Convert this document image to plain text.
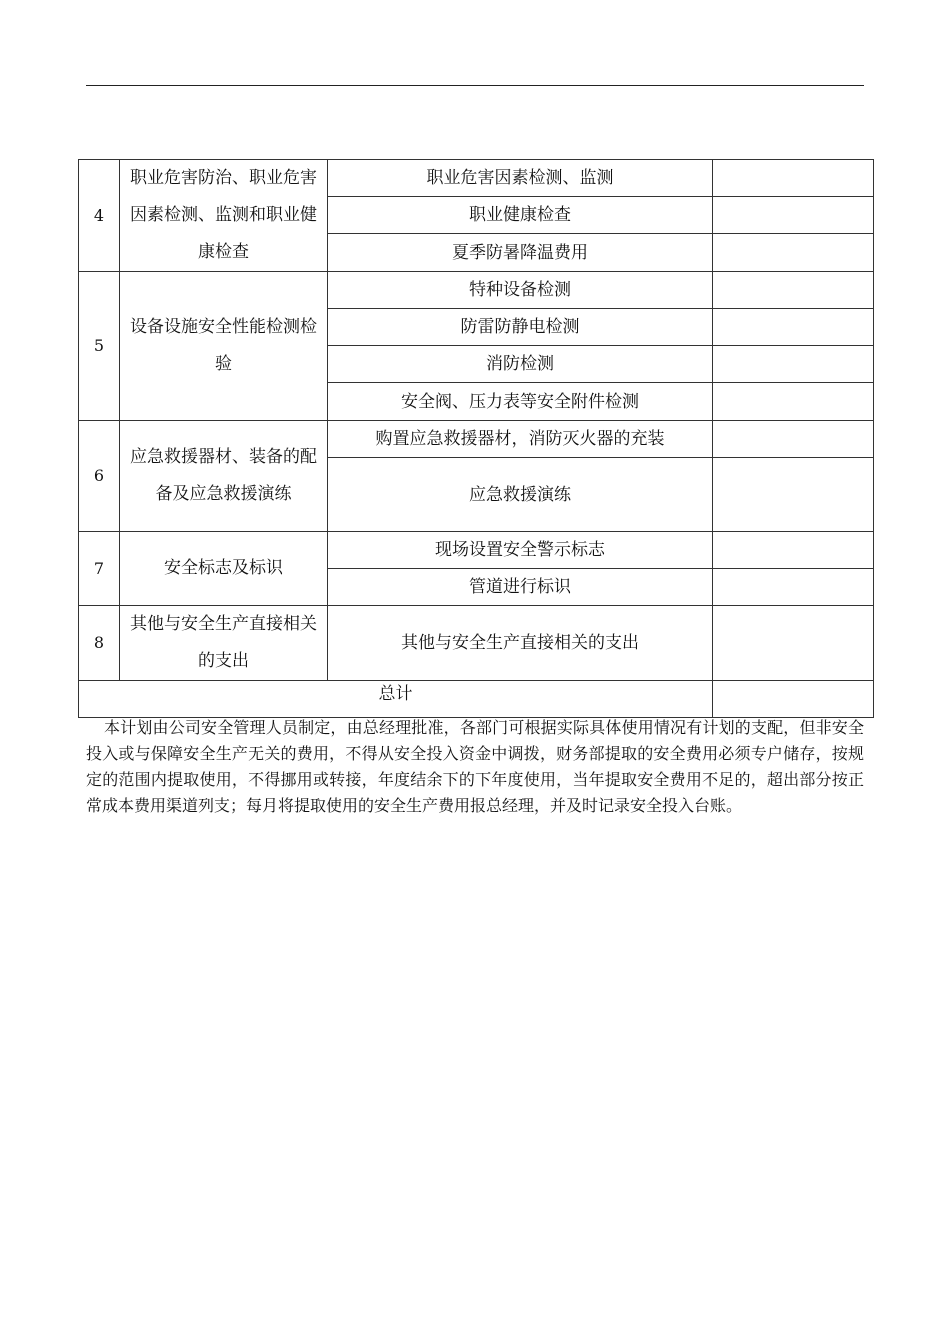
4	职业危害防治、职业危害因素检测、监测和职业健康检查	职业危害因素检测、监测	
		职业健康检查	
		夏季防暑降温费用	
5	设备设施安全性能检测检验	特种设备检测	
		防雷防静电检测	
		消防检测	
		安全阀、压力表等安全附件检测	
6	应急救援器材、装备的配备及应急救援演练	购置应急救援器材，消防灭火器的充装	
		应急救援演练	
7	安全标志及标识	现场设置安全警示标志	
		管道进行标识	
8	其他与安全生产直接相关的支出	其他与安全生产直接相关的支出	
总计			

本计划由公司安全管理人员制定，由总经理批准，各部门可根据实际具体使用情况有计划的支配，但非安全投入或与保障安全生产无关的费用，不得从安全投入资金中调拨，财务部提取的安全费用必须专户储存，按规定的范围内提取使用，不得挪用或转接，年度结余下的下年度使用，当年提取安全费用不足的，超出部分按正常成本费用渠道列支；每月将提取使用的安全生产费用报总经理，并及时记录安全投入台账。
